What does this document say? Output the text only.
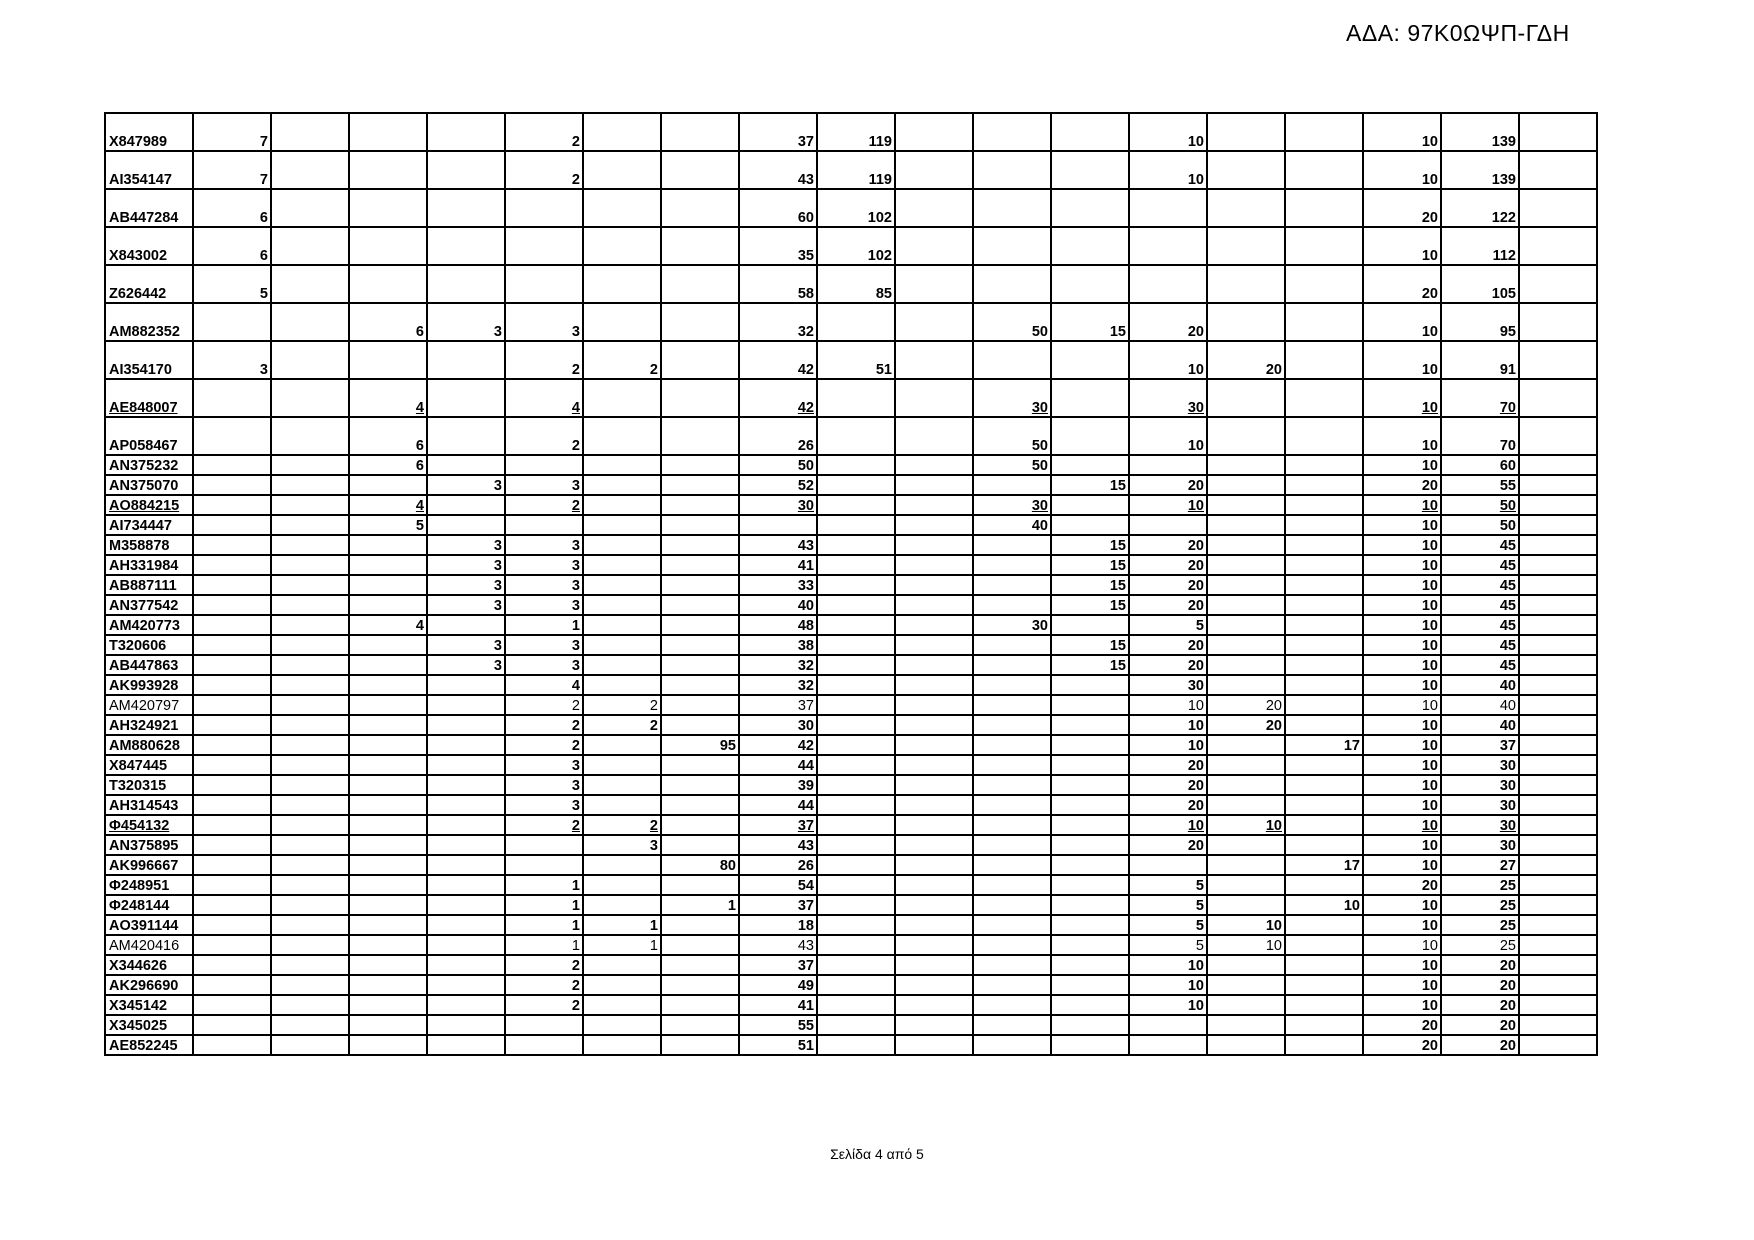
ΑΔΑ: 97Κ0ΩΨΠ-ΓΔΗ
X847989	7				2			37	119				10			10	139	
AI354147	7				2			43	119				10			10	139	
AB447284	6							60	102							20	122	
X843002	6							35	102							10	112	
Z626442	5							58	85							20	105	
AM882352			6	3	3			32			50	15	20			10	95	
AI354170	3				2	2		42	51				10	20		10	91	
AE848007			4		4			42			30		30			10	70	
AP058467			6		2			26			50		10			10	70	
AN375232			6					50			50					10	60	
AN375070				3	3			52				15	20			20	55	
AO884215			4		2			30			30		10			10	50	
AI734447			5								40					10	50	
M358878				3	3			43				15	20			10	45	
AH331984				3	3			41				15	20			10	45	
AB887111				3	3			33				15	20			10	45	
AN377542				3	3			40				15	20			10	45	
AM420773			4		1			48			30		5			10	45	
T320606				3	3			38				15	20			10	45	
AB447863				3	3			32				15	20			10	45	
AK993928					4			32					30			10	40	
AM420797					2	2		37					10	20		10	40	
AH324921					2	2		30					10	20		10	40	
AM880628					2		95	42					10		17	10	37	
X847445					3			44					20			10	30	
T320315					3			39					20			10	30	
AH314543					3			44					20			10	30	
Φ454132					2	2		37					10	10		10	30	
AN375895						3		43					20			10	30	
AK996667							80	26							17	10	27	
Φ248951					1			54					5			20	25	
Φ248144					1		1	37					5		10	10	25	
AO391144					1	1		18					5	10		10	25	
AM420416					1	1		43					5	10		10	25	
X344626					2			37					10			10	20	
AK296690					2			49					10			10	20	
X345142					2			41					10			10	20	
X345025								55								20	20	
AE852245								51								20	20	
Σελίδα 4 από 5
